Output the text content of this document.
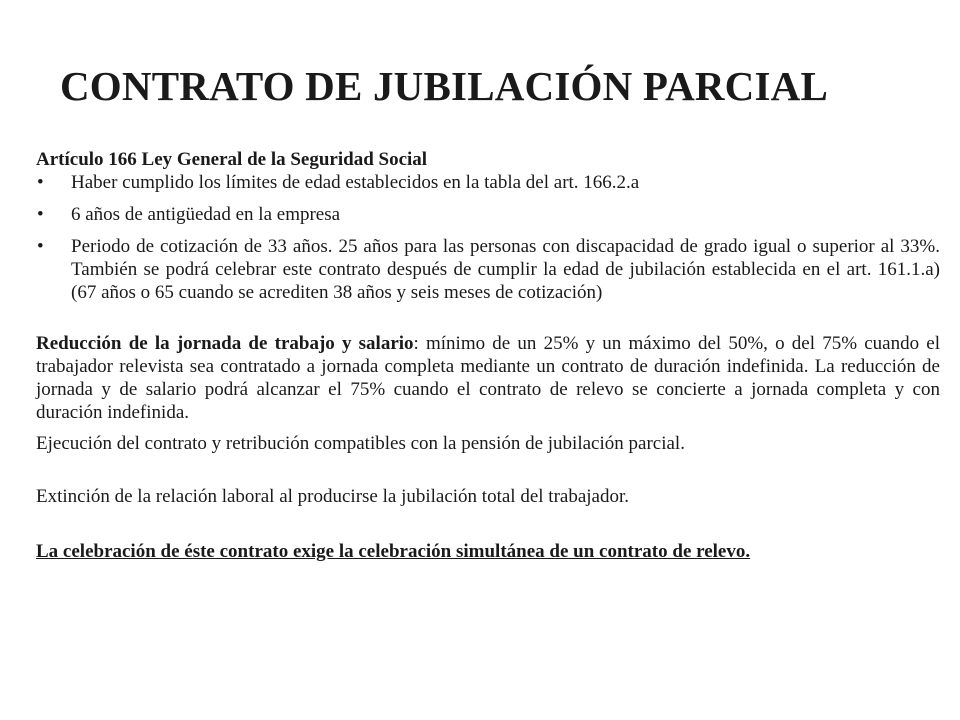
CONTRATO DE JUBILACIÓN PARCIAL

Artículo 166 Ley General de la Seguridad Social

• Haber cumplido los límites de edad establecidos en la tabla del art. 166.2.a
• 6 años de antigüedad en la empresa
• Periodo de cotización de 33 años. 25 años para las personas con discapacidad de grado igual o superior al 33%. También se podrá celebrar este contrato después de cumplir la edad de jubilación establecida en el art. 161.1.a) (67 años o 65 cuando se acrediten 38 años y seis meses de cotización)

Reducción de la jornada de trabajo y salario: mínimo de un 25% y un máximo del 50%, o del 75% cuando el trabajador relevista sea contratado a jornada completa mediante un contrato de duración indefinida. La reducción de jornada y de salario podrá alcanzar el 75% cuando el contrato de relevo se concierte a jornada completa y con duración indefinida.

Ejecución del contrato y retribución compatibles con la pensión de jubilación parcial.

Extinción de la relación laboral al producirse la jubilación total del trabajador.

La celebración de éste contrato exige la celebración simultánea de un contrato de relevo.
